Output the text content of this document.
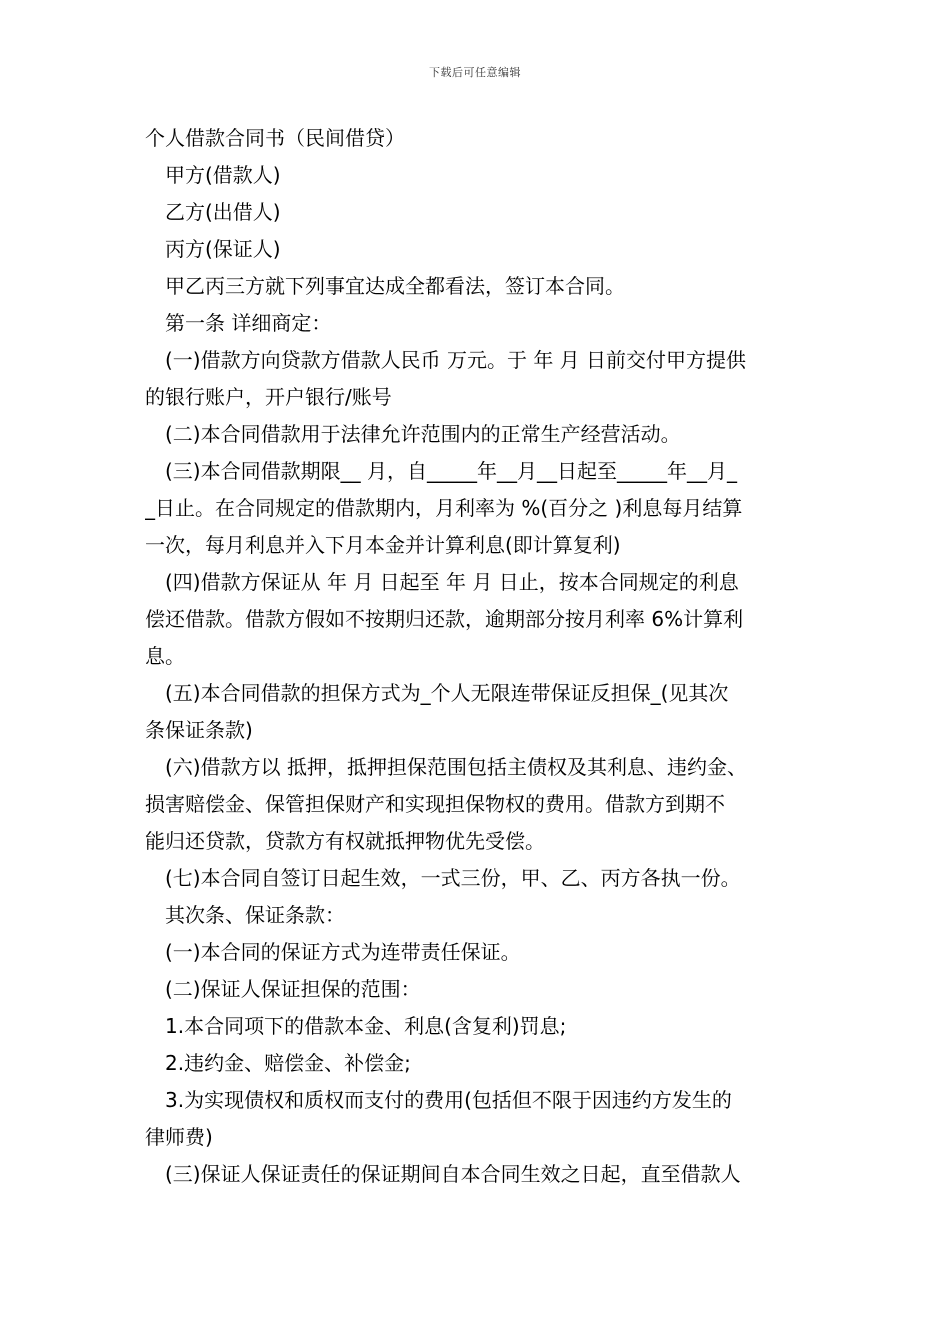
下载后可任意编辑
个人借款合同书（民间借贷）
甲方(借款人)
乙方(出借人)
丙方(保证人)
甲乙丙三方就下列事宜达成全都看法，签订本合同。
第一条 详细商定：
(一)借款方向贷款方借款人民币 万元。于 年 月 日前交付甲方提供
的银行账户，开户银行/账号
(二)本合同借款用于法律允许范围内的正常生产经营活动。
(三)本合同借款期限__ 月，自_____年__月__日起至_____年__月_
_日止。在合同规定的借款期内，月利率为 %(百分之 )利息每月结算
一次，每月利息并入下月本金并计算利息(即计算复利)
(四)借款方保证从 年 月 日起至 年 月 日止，按本合同规定的利息
偿还借款。借款方假如不按期归还款，逾期部分按月利率 6%计算利
息。
(五)本合同借款的担保方式为_个人无限连带保证反担保_(见其次
条保证条款)
(六)借款方以 抵押，抵押担保范围包括主债权及其利息、违约金、
损害赔偿金、保管担保财产和实现担保物权的费用。借款方到期不
能归还贷款，贷款方有权就抵押物优先受偿。
(七)本合同自签订日起生效，一式三份，甲、乙、丙方各执一份。
其次条、保证条款：
(一)本合同的保证方式为连带责任保证。
(二)保证人保证担保的范围：
1.本合同项下的借款本金、利息(含复利)罚息;
2.违约金、赔偿金、补偿金;
3.为实现债权和质权而支付的费用(包括但不限于因违约方发生的
律师费)
(三)保证人保证责任的保证期间自本合同生效之日起，直至借款人
